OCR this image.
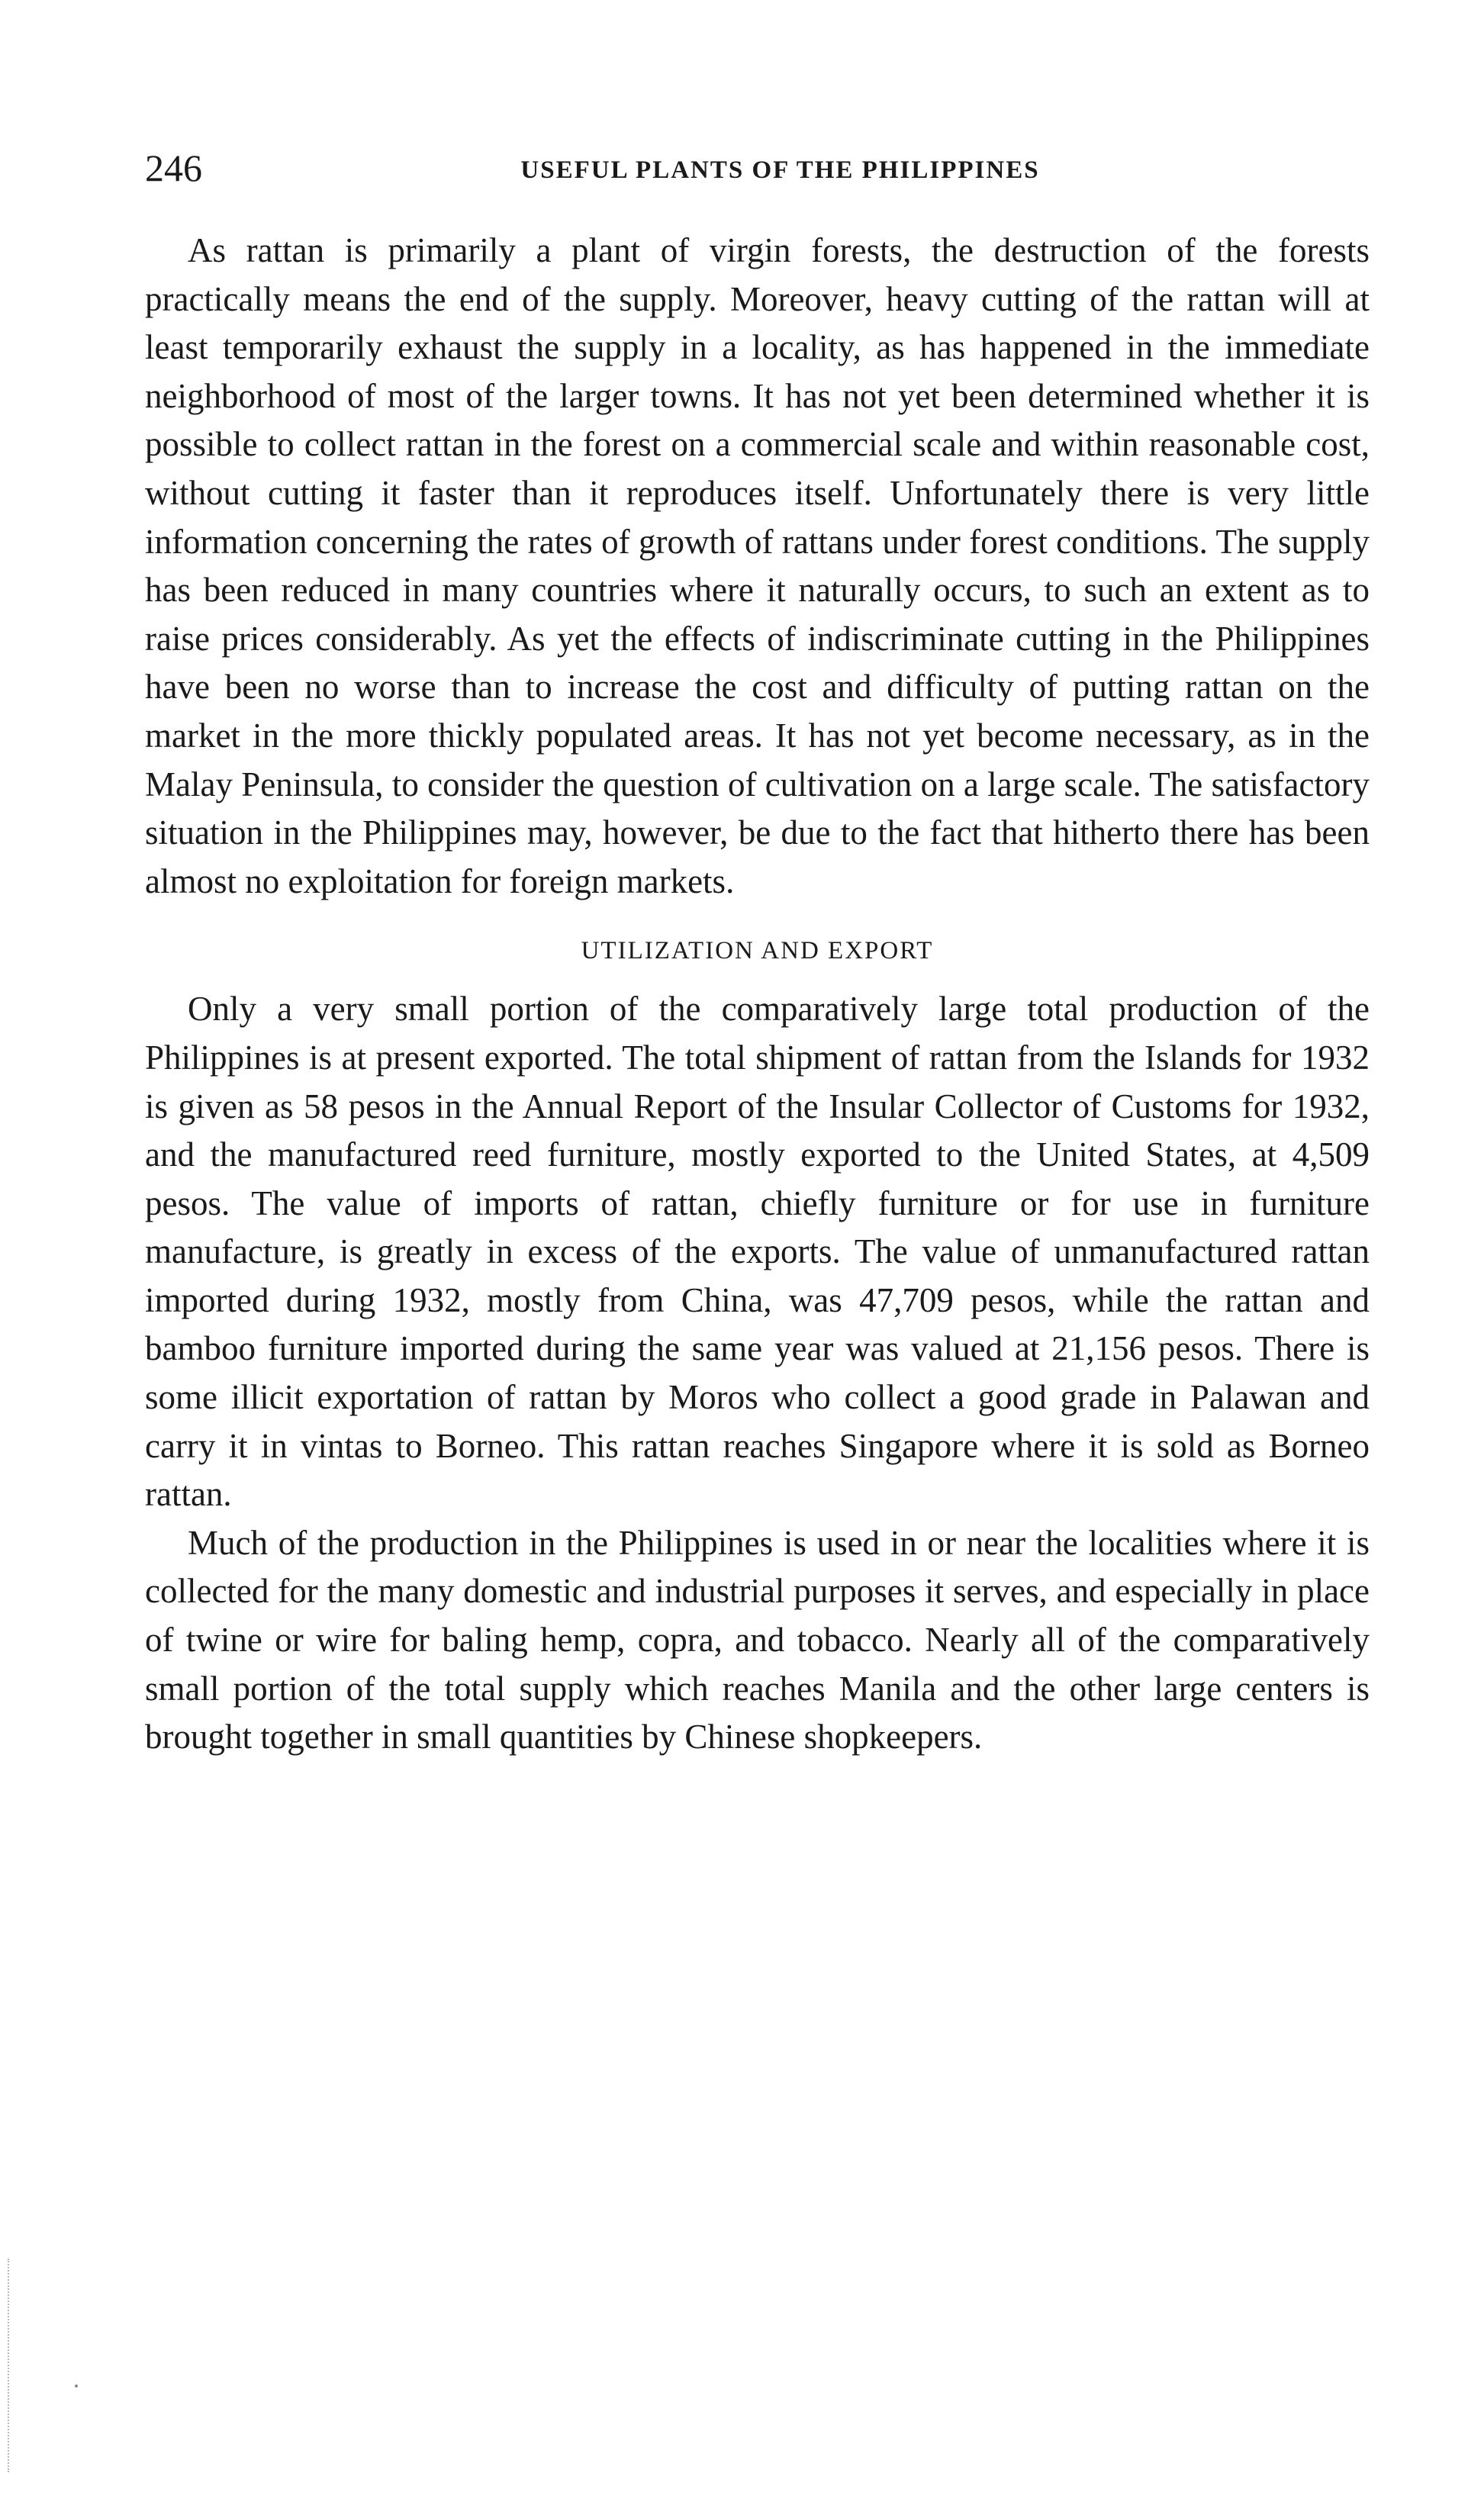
246	USEFUL PLANTS OF THE PHILIPPINES

As rattan is primarily a plant of virgin forests, the destruction of the forests practically means the end of the supply. Moreover, heavy cutting of the rattan will at least temporarily exhaust the supply in a locality, as has happened in the immediate neighborhood of most of the larger towns. It has not yet been determined whether it is possible to collect rattan in the forest on a commercial scale and within reasonable cost, without cutting it faster than it reproduces itself. Unfortunately there is very little information concerning the rates of growth of rattans under forest conditions. The supply has been reduced in many countries where it naturally occurs, to such an extent as to raise prices considerably. As yet the effects of indiscriminate cutting in the Philippines have been no worse than to increase the cost and difficulty of putting rattan on the market in the more thickly populated areas. It has not yet become necessary, as in the Malay Peninsula, to consider the question of cultivation on a large scale. The satisfactory situation in the Philippines may, however, be due to the fact that hitherto there has been almost no exploitation for foreign markets.

UTILIZATION AND EXPORT

Only a very small portion of the comparatively large total production of the Philippines is at present exported. The total shipment of rattan from the Islands for 1932 is given as 58 pesos in the Annual Report of the Insular Collector of Customs for 1932, and the manufactured reed furniture, mostly exported to the United States, at 4,509 pesos. The value of imports of rattan, chiefly furniture or for use in furniture manufacture, is greatly in excess of the exports. The value of unmanufactured rattan imported during 1932, mostly from China, was 47,709 pesos, while the rattan and bamboo furniture imported during the same year was valued at 21,156 pesos. There is some illicit exportation of rattan by Moros who collect a good grade in Palawan and carry it in vintas to Borneo. This rattan reaches Singapore where it is sold as Borneo rattan.

Much of the production in the Philippines is used in or near the localities where it is collected for the many domestic and industrial purposes it serves, and especially in place of twine or wire for baling hemp, copra, and tobacco. Nearly all of the comparatively small portion of the total supply which reaches Manila and the other large centers is brought together in small quantities by Chinese shopkeepers.
